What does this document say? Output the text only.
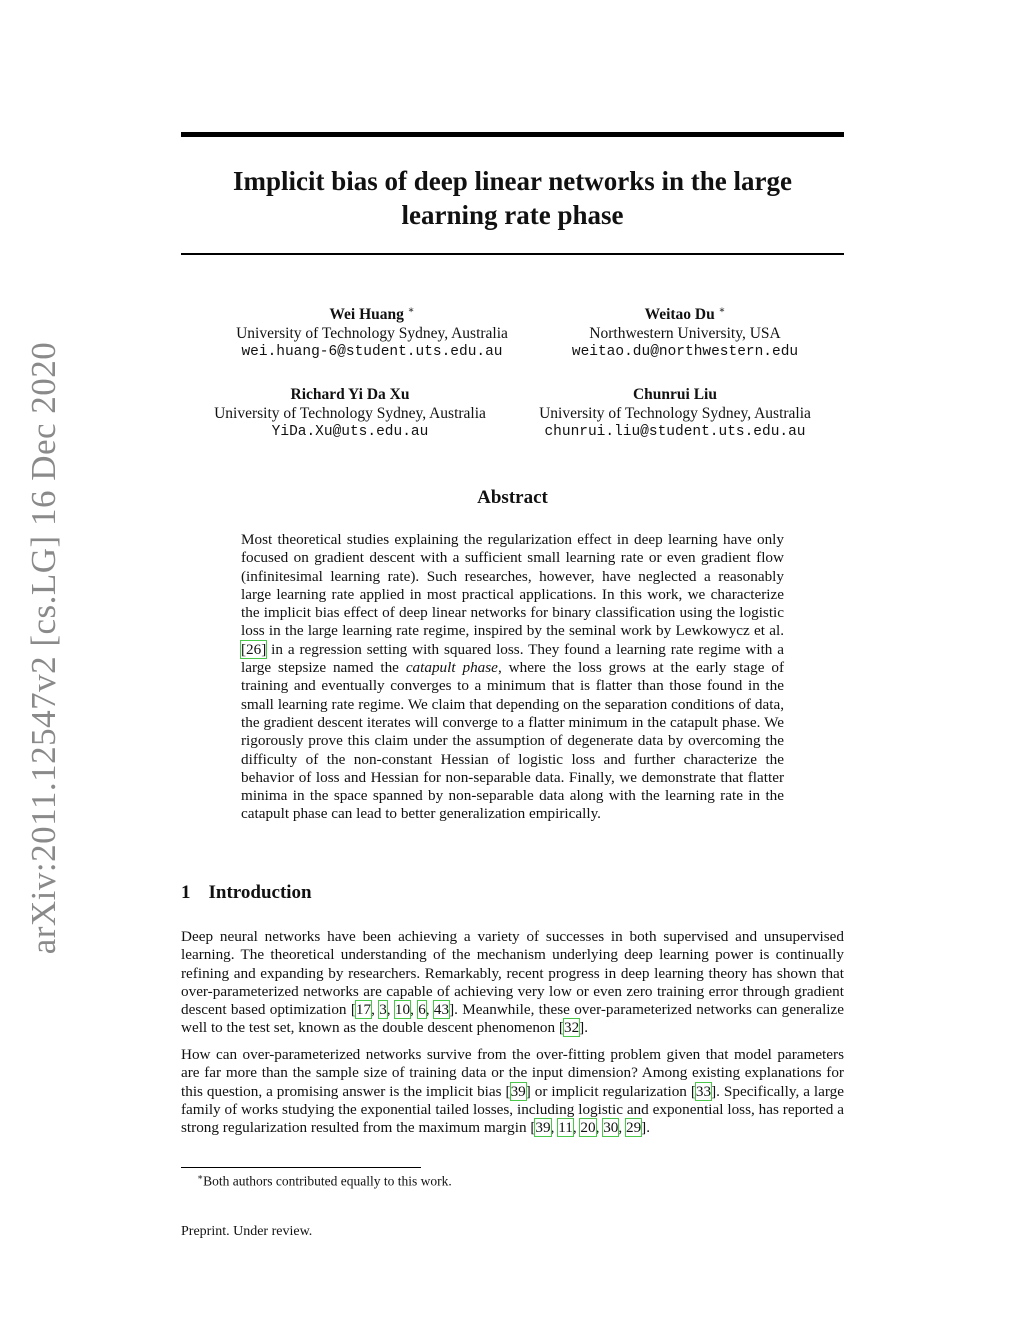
arXiv:2011.12547v2 [cs.LG] 16 Dec 2020
Implicit bias of deep linear networks in the large
learning rate phase
Wei Huang ∗
University of Technology Sydney, Australia
wei.huang-6@student.uts.edu.au
Weitao Du ∗
Northwestern University, USA
weitao.du@northwestern.edu
Richard Yi Da Xu
University of Technology Sydney, Australia
YiDa.Xu@uts.edu.au
Chunrui Liu
University of Technology Sydney, Australia
chunrui.liu@student.uts.edu.au
Abstract
Most theoretical studies explaining the regularization effect in deep learning have only focused on gradient descent with a sufficient small learning rate or even gradient flow (infinitesimal learning rate). Such researches, however, have neglected a reasonably large learning rate applied in most practical applications. In this work, we characterize the implicit bias effect of deep linear networks for binary classification using the logistic loss in the large learning rate regime, inspired by the seminal work by Lewkowycz et al. [26] in a regression setting with squared loss. They found a learning rate regime with a large stepsize named the catapult phase, where the loss grows at the early stage of training and eventually converges to a minimum that is flatter than those found in the small learning rate regime. We claim that depending on the separation conditions of data, the gradient descent iterates will converge to a flatter minimum in the catapult phase. We rigorously prove this claim under the assumption of degenerate data by overcoming the difficulty of the non-constant Hessian of logistic loss and further characterize the behavior of loss and Hessian for non-separable data. Finally, we demonstrate that flatter minima in the space spanned by non-separable data along with the learning rate in the catapult phase can lead to better generalization empirically.
1 Introduction
Deep neural networks have been achieving a variety of successes in both supervised and unsupervised learning. The theoretical understanding of the mechanism underlying deep learning power is continually refining and expanding by researchers. Remarkably, recent progress in deep learning theory has shown that over-parameterized networks are capable of achieving very low or even zero training error through gradient descent based optimization [17, 3, 10, 6, 43]. Meanwhile, these over-parameterized networks can generalize well to the test set, known as the double descent phenomenon [32].
How can over-parameterized networks survive from the over-fitting problem given that model parameters are far more than the sample size of training data or the input dimension? Among existing explanations for this question, a promising answer is the implicit bias [39] or implicit regularization [33]. Specifically, a large family of works studying the exponential tailed losses, including logistic and exponential loss, has reported a strong regularization resulted from the maximum margin [39, 11, 20, 30, 29].
∗Both authors contributed equally to this work.
Preprint. Under review.
